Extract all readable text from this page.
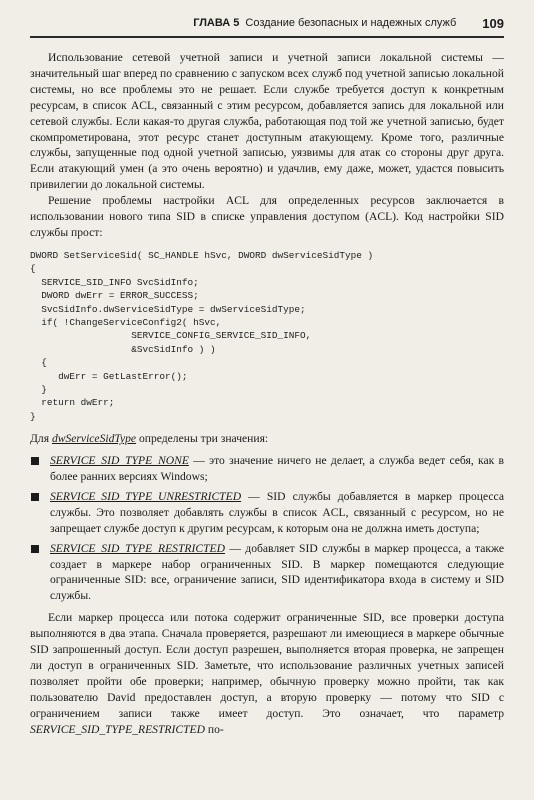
ГЛАВА 5 Создание безопасных и надежных служб 109

Использование сетевой учетной записи и учетной записи локальной системы — значительный шаг вперед по сравнению с запуском всех служб под учетной записью локальной системы, но все проблемы это не решает. Если службе требуется доступ к конкретным ресурсам, в список ACL, связанный с этим ресурсом, добавляется запись для локальной или сетевой службы. Если какая-то другая служба, работающая под той же учетной записью, будет скомпрометирована, этот ресурс станет доступным атакующему. Кроме того, различные службы, запущенные под одной учетной записью, уязвимы для атак со стороны друг друга. Если атакующий умен (а это очень вероятно) и удачлив, ему даже, может, удастся повысить привилегии до локальной системы.

Решение проблемы настройки ACL для определенных ресурсов заключается в использовании нового типа SID в списке управления доступом (ACL). Код настройки SID службы прост:

DWORD SetServiceSid( SC_HANDLE hSvc, DWORD dwServiceSidType )
{
SERVICE_SID_INFO SvcSidInfo;
DWORD dwErr = ERROR_SUCCESS;
SvcSidInfo.dwServiceSidType = dwServiceSidType;
if( !ChangeServiceConfig2( hSvc,
SERVICE_CONFIG_SERVICE_SID_INFO,
&SvcSidInfo ) )
{
dwErr = GetLastError();
}
return dwErr;
}

Для dwServiceSidType определены три значения:

SERVICE_SID_TYPE_NONE — это значение ничего не делает, а служба ведет себя, как в более ранних версиях Windows;
SERVICE_SID_TYPE_UNRESTRICTED — SID службы добавляется в маркер процесса службы. Это позволяет добавлять службы в список ACL, связанный с ресурсом, но не запрещает службе доступ к другим ресурсам, к которым она не должна иметь доступа;
SERVICE_SID_TYPE_RESTRICTED — добавляет SID службы в маркер процесса, а также создает в маркере набор ограниченных SID. В маркер помещаются следующие ограниченные SID: все, ограничение записи, SID идентификатора входа в систему и SID службы.

Если маркер процесса или потока содержит ограниченные SID, все проверки доступа выполняются в два этапа. Сначала проверяется, разрешают ли имеющиеся в маркере обычные SID запрошенный доступ. Если доступ разрешен, выполняется вторая проверка, не запрещен ли доступ в ограниченных SID. Заметьте, что использование различных учетных записей позволяет пройти обе проверки; например, обычную проверку можно пройти, так как пользователю David предоставлен доступ, а вторую проверку — потому что SID с ограничением записи также имеет доступ. Это означает, что параметр SERVICE_SID_TYPE_RESTRICTED по-
